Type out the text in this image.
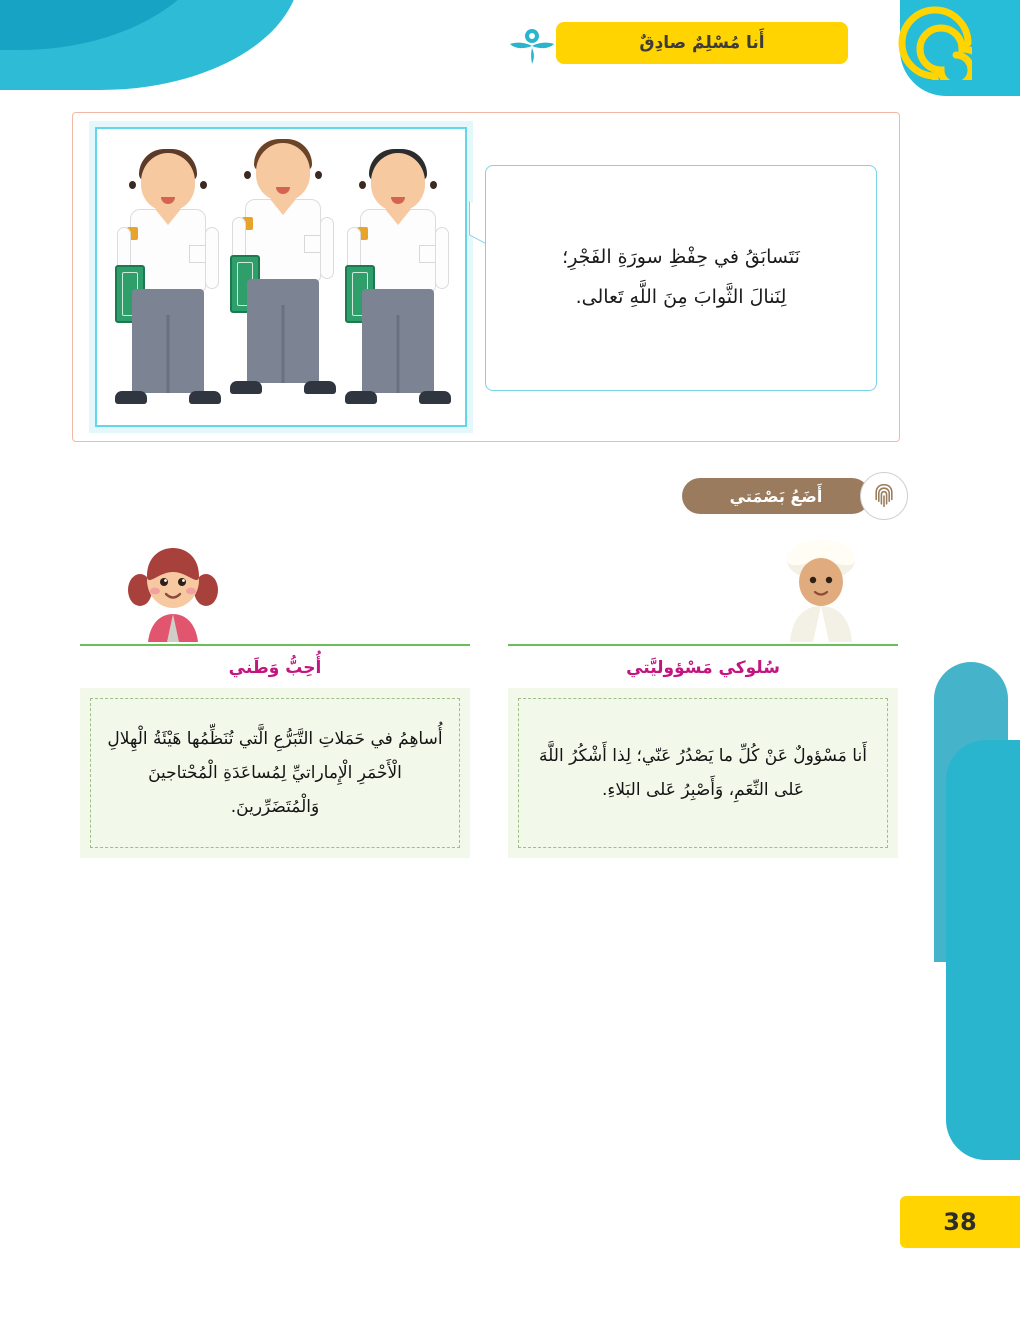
أَنا مُسْلِمٌ صادِقٌ
نَتَسابَقُ في حِفْظِ سورَةِ الفَجْرِ؛
لِنَنالَ الثَّوابَ مِنَ اللَّهِ تَعالى.
أَضَعُ بَصْمَتي
سُلوكي مَسْؤوليَّتي
أَنا مَسْؤولٌ عَنْ كُلِّ ما يَصْدُرُ عَنّي؛ لِذا أَشْكُرُ اللَّهَ عَلى النِّعَمِ، وَأَصْبِرُ عَلى البَلاءِ.
أُحِبُّ وَطَني
أُساهِمُ في حَمَلاتِ التَّبَرُّعِ الَّتي تُنَظِّمُها هَيْئَةُ الْهِلالِ الْأَحْمَرِ الْإِماراتيِّ لِمُساعَدَةِ الْمُحْتاجينَ وَالْمُتَضَرِّرينَ.
38
